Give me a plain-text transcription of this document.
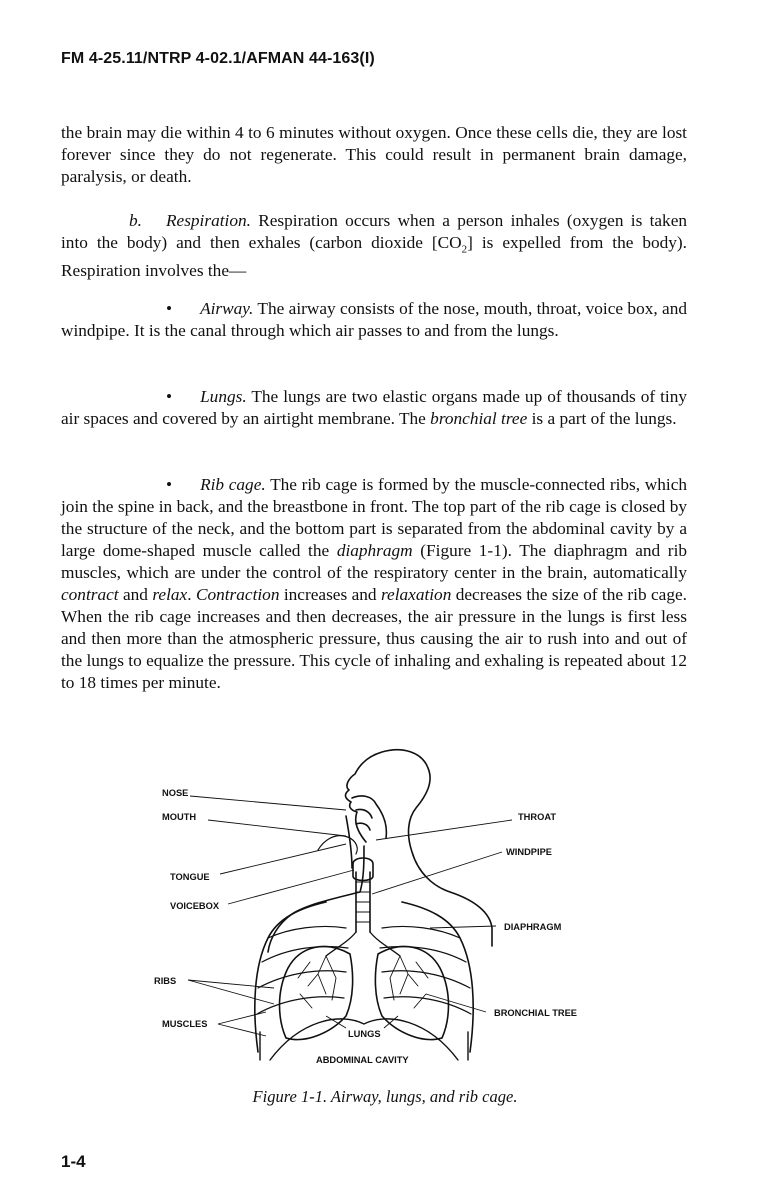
FM 4-25.11/NTRP 4-02.1/AFMAN 44-163(I)

the brain may die within 4 to 6 minutes without oxygen. Once these cells die, they are lost forever since they do not regenerate. This could result in permanent brain damage, paralysis, or death.

b. Respiration. Respiration occurs when a person inhales (oxygen is taken into the body) and then exhales (carbon dioxide $[CO_2]$ is expelled from the body). Respiration involves the—

• Airway. The airway consists of the nose, mouth, throat, voice box, and windpipe. It is the canal through which air passes to and from the lungs.

• Lungs. The lungs are two elastic organs made up of thousands of tiny air spaces and covered by an airtight membrane. The bronchial tree is a part of the lungs.

• Rib cage. The rib cage is formed by the muscle-connected ribs, which join the spine in back, and the breastbone in front. The top part of the rib cage is closed by the structure of the neck, and the bottom part is separated from the abdominal cavity by a large dome-shaped muscle called the diaphragm (Figure 1-1). The diaphragm and rib muscles, which are under the control of the respiratory center in the brain, automatically contract and relax. Contraction increases and relaxation decreases the size of the rib cage. When the rib cage increases and then decreases, the air pressure in the lungs is first less and then more than the atmospheric pressure, thus causing the air to rush into and out of the lungs to equalize the pressure. This cycle of inhaling and exhaling is repeated about 12 to 18 times per minute.

NOSE
MOUTH
TONGUE
VOICEBOX
RIBS
MUSCLES
THROAT
WINDPIPE
DIAPHRAGM
BRONCHIAL TREE
LUNGS
ABDOMINAL CAVITY
Figure 1-1. Airway, lungs, and rib cage.
1-4
